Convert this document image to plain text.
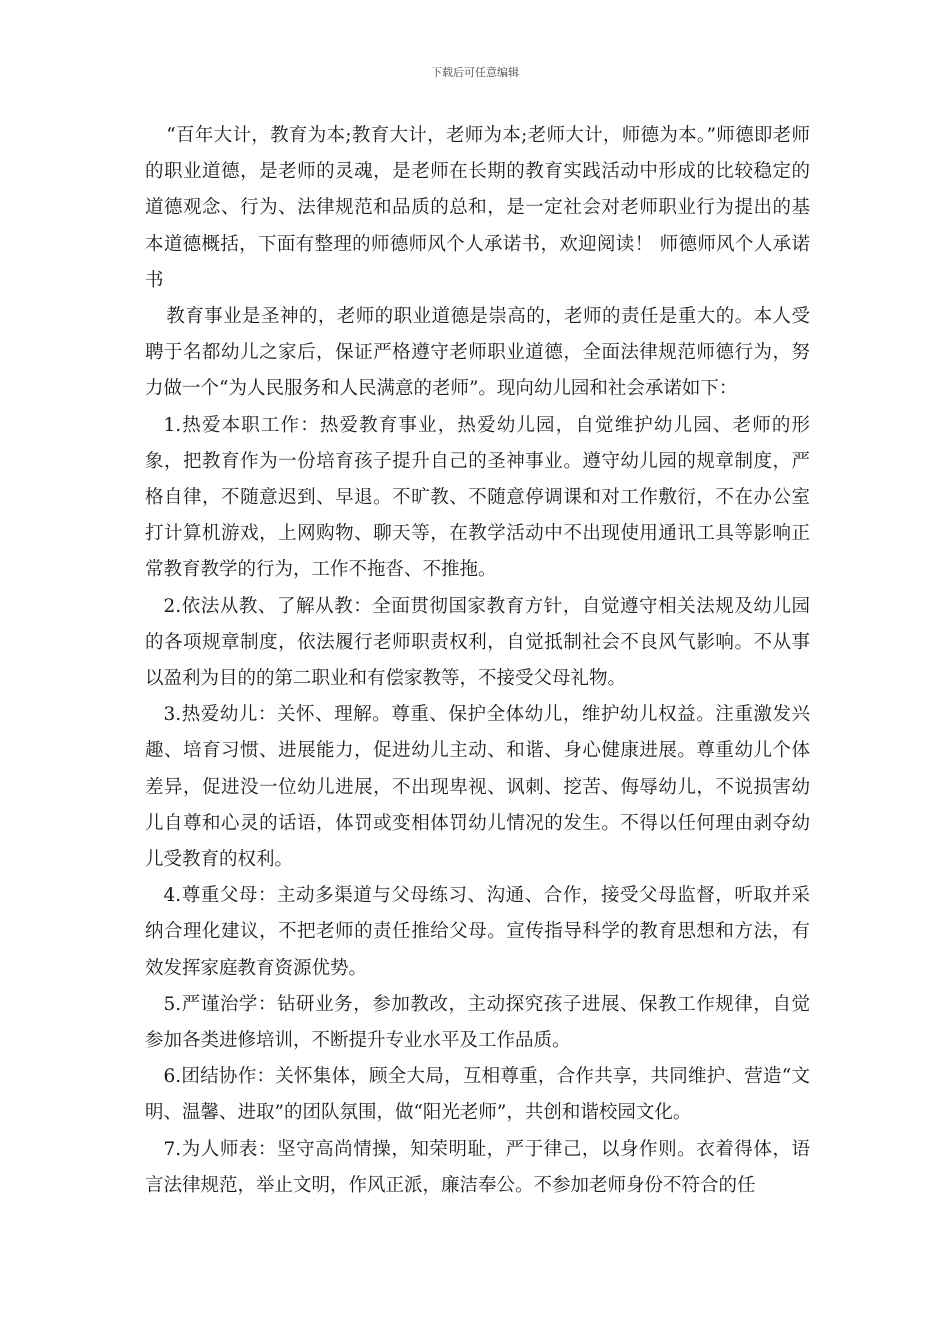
下载后可任意编辑

“百年大计，教育为本;教育大计，老师为本;老师大计，师德为本。”师德即老师的职业道德，是老师的灵魂，是老师在长期的教育实践活动中形成的比较稳定的道德观念、行为、法律规范和品质的总和，是一定社会对老师职业行为提出的基本道德概括，下面有整理的师德师风个人承诺书，欢迎阅读！ 师德师风个人承诺书

教育事业是圣神的，老师的职业道德是崇高的，老师的责任是重大的。本人受聘于名都幼儿之家后，保证严格遵守老师职业道德，全面法律规范师德行为，努力做一个“为人民服务和人民满意的老师”。现向幼儿园和社会承诺如下：

1.热爱本职工作：热爱教育事业，热爱幼儿园，自觉维护幼儿园、老师的形象，把教育作为一份培育孩子提升自己的圣神事业。遵守幼儿园的规章制度，严格自律，不随意迟到、早退。不旷教、不随意停调课和对工作敷衍，不在办公室打计算机游戏，上网购物、聊天等，在教学活动中不出现使用通讯工具等影响正常教育教学的行为，工作不拖沓、不推拖。

2.依法从教、了解从教：全面贯彻国家教育方针，自觉遵守相关法规及幼儿园的各项规章制度，依法履行老师职责权利，自觉抵制社会不良风气影响。不从事以盈利为目的的第二职业和有偿家教等，不接受父母礼物。

3.热爱幼儿：关怀、理解。尊重、保护全体幼儿，维护幼儿权益。注重激发兴趣、培育习惯、进展能力，促进幼儿主动、和谐、身心健康进展。尊重幼儿个体差异，促进没一位幼儿进展，不出现卑视、讽刺、挖苦、侮辱幼儿，不说损害幼儿自尊和心灵的话语，体罚或变相体罚幼儿情况的发生。不得以任何理由剥夺幼儿受教育的权利。

4.尊重父母：主动多渠道与父母练习、沟通、合作，接受父母监督，听取并采纳合理化建议，不把老师的责任推给父母。宣传指导科学的教育思想和方法，有效发挥家庭教育资源优势。

5.严谨治学：钻研业务，参加教改，主动探究孩子进展、保教工作规律，自觉参加各类进修培训，不断提升专业水平及工作品质。

6.团结协作：关怀集体，顾全大局，互相尊重，合作共享，共同维护、营造“文明、温馨、进取”的团队氛围，做“阳光老师”，共创和谐校园文化。

7.为人师表：坚守高尚情操，知荣明耻，严于律己，以身作则。衣着得体，语言法律规范，举止文明，作风正派，廉洁奉公。不参加老师身份不符合的任
